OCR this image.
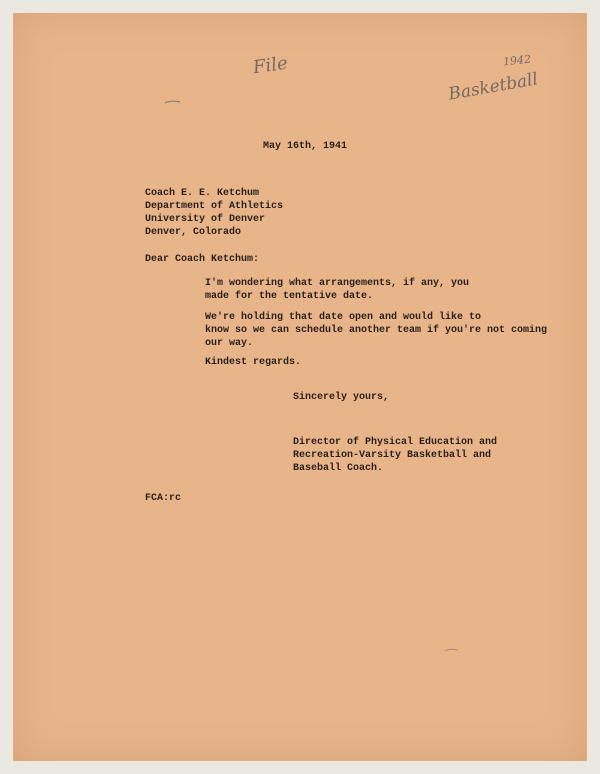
File	1942
Basketball
May 16th, 1941
Coach E. E. Ketchum
Department of Athletics
University of Denver
Denver, Colorado
Dear Coach Ketchum:
I'm wondering what arrangements, if any, you
made for the tentative date.
We're holding that date open and would like to
know so we can schedule another team if you're not coming
our way.
Kindest regards.
Sincerely yours,
Director of Physical Education and
Recreation-Varsity Basketball and
Baseball Coach.
FCA:rc
